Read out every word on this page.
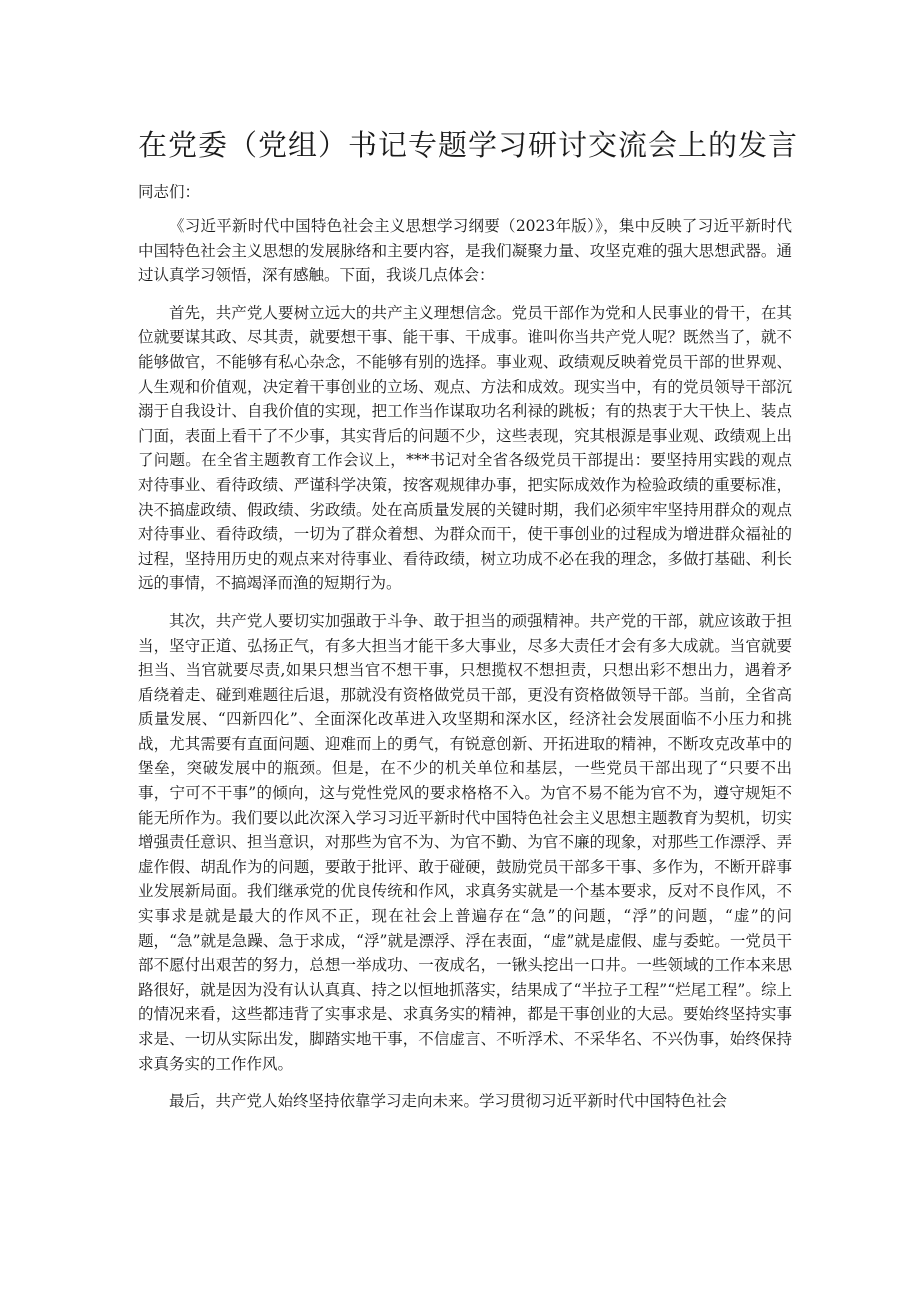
在党委（党组）书记专题学习研讨交流会上的发言

同志们：

《习近平新时代中国特色社会主义思想学习纲要（2023年版）》，集中反映了习近平新时代中国特色社会主义思想的发展脉络和主要内容，是我们凝聚力量、攻坚克难的强大思想武器。通过认真学习领悟，深有感触。下面，我谈几点体会：

首先，共产党人要树立远大的共产主义理想信念。党员干部作为党和人民事业的骨干，在其位就要谋其政、尽其责，就要想干事、能干事、干成事。谁叫你当共产党人呢？既然当了，就不能够做官，不能够有私心杂念，不能够有别的选择。事业观、政绩观反映着党员干部的世界观、人生观和价值观，决定着干事创业的立场、观点、方法和成效。现实当中，有的党员领导干部沉溺于自我设计、自我价值的实现，把工作当作谋取功名利禄的跳板；有的热衷于大干快上、装点门面，表面上看干了不少事，其实背后的问题不少，这些表现，究其根源是事业观、政绩观上出了问题。在全省主题教育工作会议上，***书记对全省各级党员干部提出：要坚持用实践的观点对待事业、看待政绩、严谨科学决策，按客观规律办事，把实际成效作为检验政绩的重要标准，决不搞虚政绩、假政绩、劣政绩。处在高质量发展的关键时期，我们必须牢牢坚持用群众的观点对待事业、看待政绩，一切为了群众着想、为群众而干，使干事创业的过程成为增进群众福祉的过程，坚持用历史的观点来对待事业、看待政绩，树立功成不必在我的理念，多做打基础、利长远的事情，不搞竭泽而渔的短期行为。

其次，共产党人要切实加强敢于斗争、敢于担当的顽强精神。共产党的干部，就应该敢于担当，坚守正道、弘扬正气，有多大担当才能干多大事业，尽多大责任才会有多大成就。当官就要担当、当官就要尽责,如果只想当官不想干事，只想揽权不想担责，只想出彩不想出力，遇着矛盾绕着走、碰到难题往后退，那就没有资格做党员干部，更没有资格做领导干部。当前，全省高质量发展、“四新四化”、全面深化改革进入攻坚期和深水区，经济社会发展面临不小压力和挑战，尤其需要有直面问题、迎难而上的勇气，有锐意创新、开拓进取的精神，不断攻克改革中的堡垒，突破发展中的瓶颈。但是，在不少的机关单位和基层，一些党员干部出现了“只要不出事，宁可不干事”的倾向，这与党性党风的要求格格不入。为官不易不能为官不为，遵守规矩不能无所作为。我们要以此次深入学习习近平新时代中国特色社会主义思想主题教育为契机，切实增强责任意识、担当意识，对那些为官不为、为官不勤、为官不廉的现象，对那些工作漂浮、弄虚作假、胡乱作为的问题，要敢于批评、敢于碰硬，鼓励党员干部多干事、多作为，不断开辟事业发展新局面。我们继承党的优良传统和作风，求真务实就是一个基本要求，反对不良作风，不实事求是就是最大的作风不正，现在社会上普遍存在“急”的问题，“浮”的问题，“虚”的问题，“急”就是急躁、急于求成，“浮”就是漂浮、浮在表面，“虚”就是虚假、虚与委蛇。一党员干部不愿付出艰苦的努力，总想一举成功、一夜成名，一锹头挖出一口井。一些领域的工作本来思路很好，就是因为没有认认真真、持之以恒地抓落实，结果成了“半拉子工程”“烂尾工程”。综上的情况来看，这些都违背了实事求是、求真务实的精神，都是干事创业的大忌。要始终坚持实事求是、一切从实际出发，脚踏实地干事，不信虚言、不听浮术、不采华名、不兴伪事，始终保持求真务实的工作作风。

最后，共产党人始终坚持依靠学习走向未来。学习贯彻习近平新时代中国特色社会
